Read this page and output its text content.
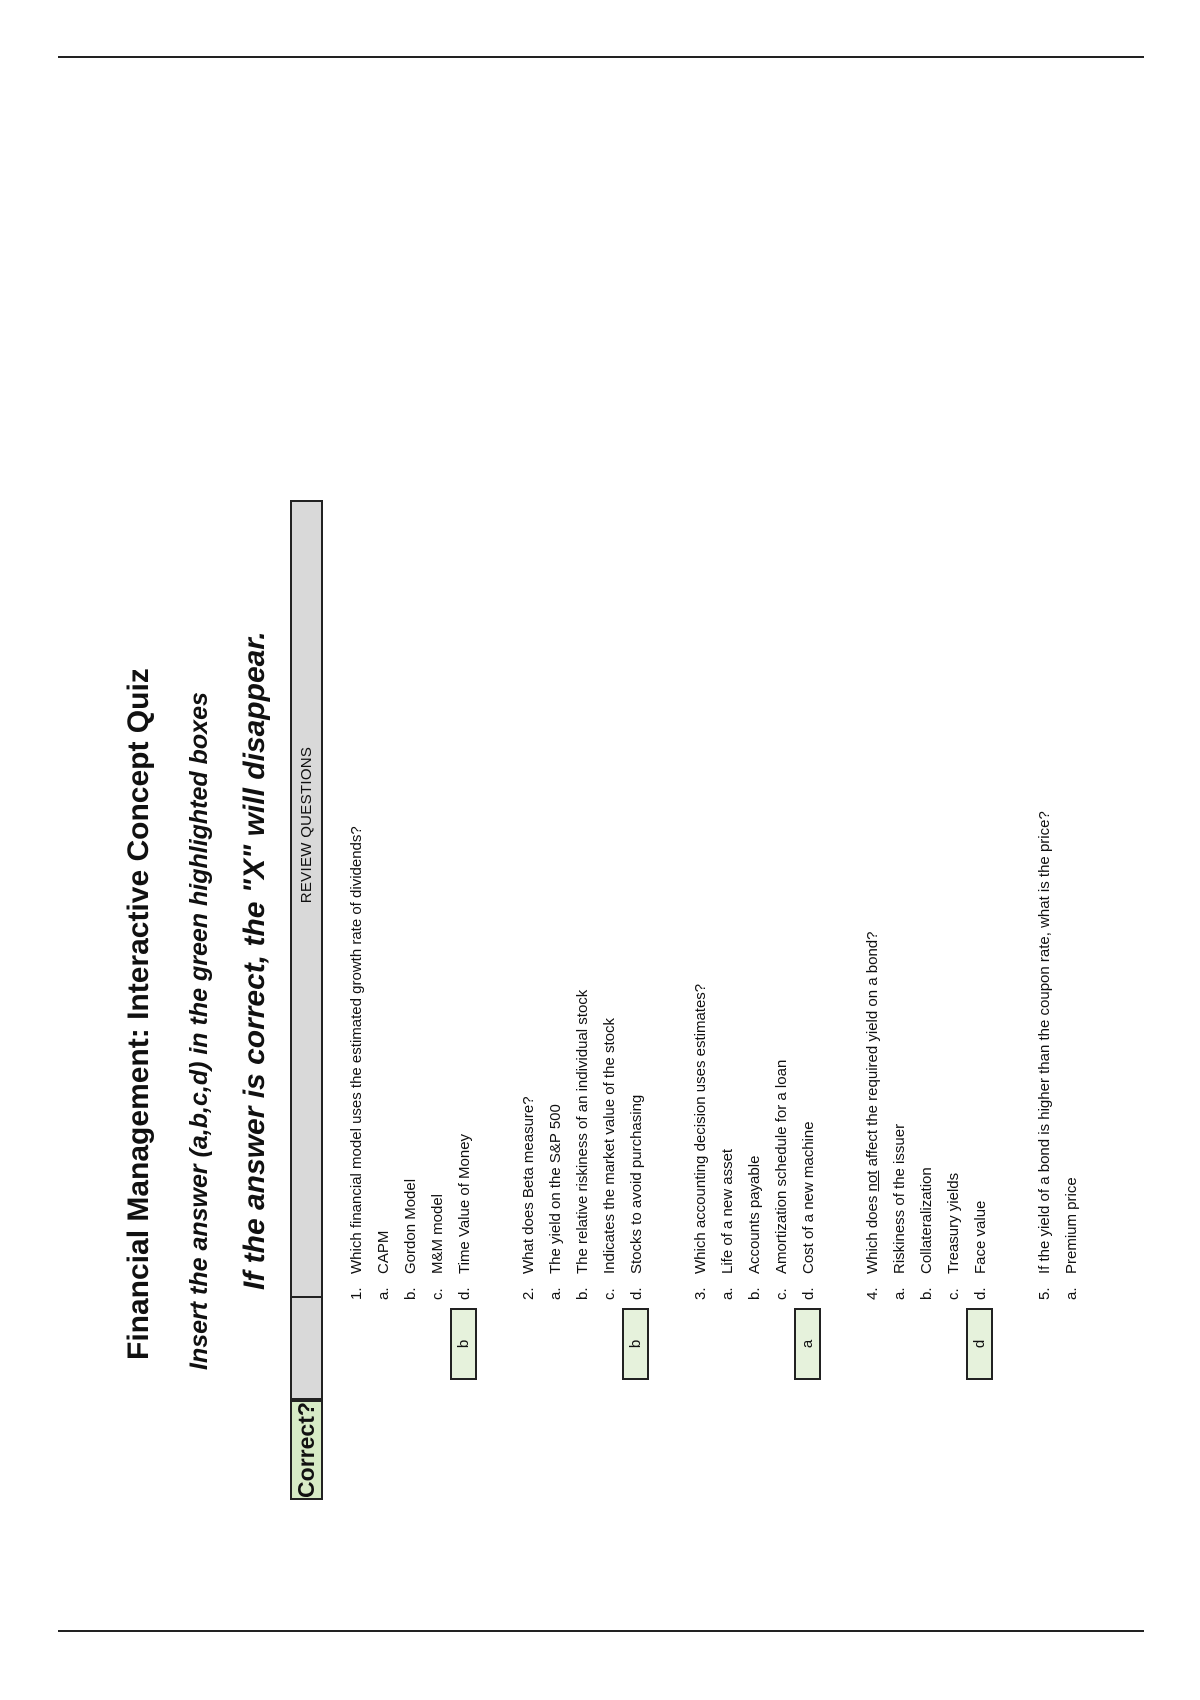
Financial Management: Interactive Concept Quiz Insert the answer (a,b,c,d) in the green highlighted boxes If the answer is correct, the "X" will disappear.
Correct?
REVIEW QUESTIONS
1.Which financial model uses the estimated growth rate of dividends?
a.CAPM
b.Gordon Model
c.M&M model
d.Time Value of Money
b
2.What does Beta measure?
a.The yield on the S&P 500
b.The relative riskiness of an individual stock
c.Indicates the market value of the stock
d.Stocks to avoid purchasing
b
3.Which accounting decision uses estimates?
a.Life of a new asset
b.Accounts payable
c.Amortization schedule for a loan
d.Cost of a new machine
a
4.Which does not affect the required yield on a bond?
a.Riskiness of the issuer
b.Collateralization
c.Treasury yields
d.Face value
d
5.If the yield of a bond is higher than the coupon rate, what is the price?
a.Premium price
